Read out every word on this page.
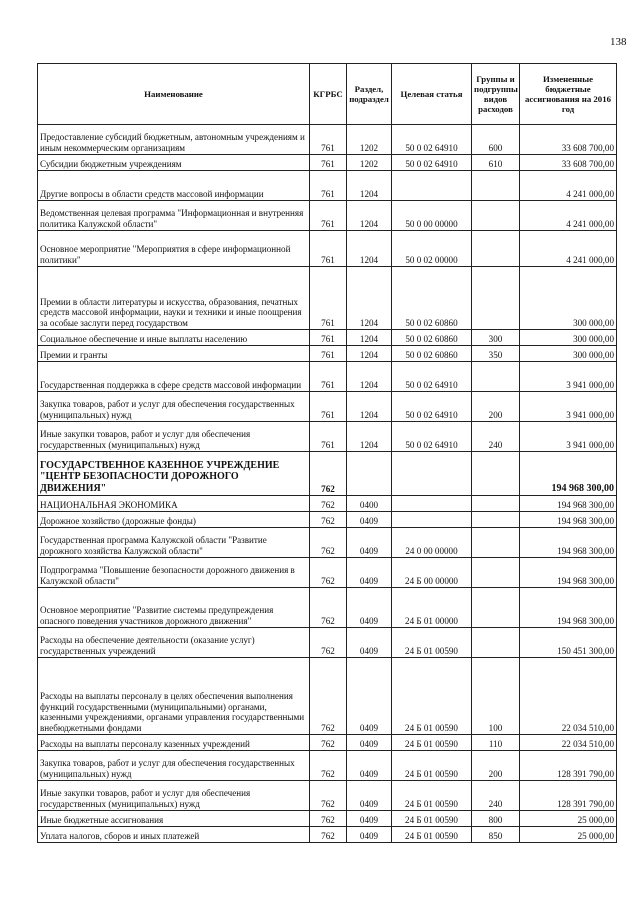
138
Наименование	КГРБС	Раздел, подраздел	Целевая статья	Группы и подгруппы видов расходов	Измененные бюджетные ассигнования на 2016 год
Предоставление субсидий бюджетным, автономным учреждениям и иным некоммерческим организациям	761	1202	50 0 02 64910	600	33 608 700,00
Субсидии бюджетным учреждениям	761	1202	50 0 02 64910	610	33 608 700,00
Другие вопросы в области средств массовой информации	761	1204			4 241 000,00
Ведомственная целевая программа "Информационная и внутренняя политика Калужской области"	761	1204	50 0 00 00000		4 241 000,00
Основное мероприятие "Мероприятия в сфере информационной политики"	761	1204	50 0 02 00000		4 241 000,00
Премии в области литературы и искусства, образования, печатных средств массовой информации, науки и техники и иные поощрения за особые заслуги перед государством	761	1204	50 0 02 60860		300 000,00
Социальное обеспечение и иные выплаты населению	761	1204	50 0 02 60860	300	300 000,00
Премии и гранты	761	1204	50 0 02 60860	350	300 000,00
Государственная поддержка в сфере средств массовой информации	761	1204	50 0 02 64910		3 941 000,00
Закупка товаров, работ и услуг для обеспечения государственных (муниципальных) нужд	761	1204	50 0 02 64910	200	3 941 000,00
Иные закупки товаров, работ и услуг для обеспечения государственных (муниципальных) нужд	761	1204	50 0 02 64910	240	3 941 000,00
ГОСУДАРСТВЕННОЕ КАЗЕННОЕ УЧРЕЖДЕНИЕ "ЦЕНТР БЕЗОПАСНОСТИ ДОРОЖНОГО ДВИЖЕНИЯ"	762				194 968 300,00
НАЦИОНАЛЬНАЯ ЭКОНОМИКА	762	0400			194 968 300,00
Дорожное хозяйство (дорожные фонды)	762	0409			194 968 300,00
Государственная программа Калужской области "Развитие дорожного хозяйства Калужской области"	762	0409	24 0 00 00000		194 968 300,00
Подпрограмма "Повышение безопасности дорожного движения в Калужской области"	762	0409	24 Б 00 00000		194 968 300,00
Основное мероприятие "Развитие системы предупреждения опасного поведения участников дорожного движения"	762	0409	24 Б 01 00000		194 968 300,00
Расходы на обеспечение деятельности (оказание услуг) государственных учреждений	762	0409	24 Б 01 00590		150 451 300,00
Расходы на выплаты персоналу в целях обеспечения выполнения функций государственными (муниципальными) органами, казенными учреждениями, органами управления государственными внебюджетными фондами	762	0409	24 Б 01 00590	100	22 034 510,00
Расходы на выплаты персоналу казенных учреждений	762	0409	24 Б 01 00590	110	22 034 510,00
Закупка товаров, работ и услуг для обеспечения государственных (муниципальных) нужд	762	0409	24 Б 01 00590	200	128 391 790,00
Иные закупки товаров, работ и услуг для обеспечения государственных (муниципальных) нужд	762	0409	24 Б 01 00590	240	128 391 790,00
Иные бюджетные ассигнования	762	0409	24 Б 01 00590	800	25 000,00
Уплата налогов, сборов и иных платежей	762	0409	24 Б 01 00590	850	25 000,00
